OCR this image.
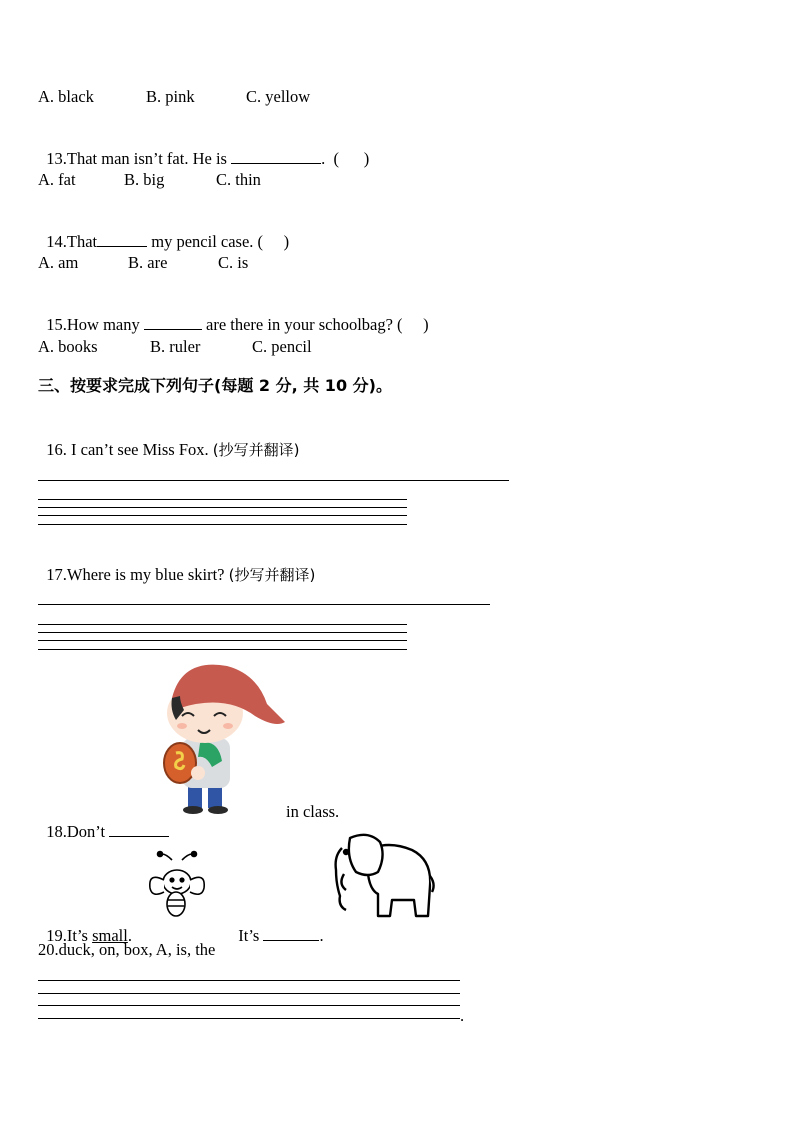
A. black	B. pink	C. yellow

13.That man isn’t fat. He is	.  (      )

A. fat	B. big	C. thin

14.That	my pencil case. (     )

A. am	B. are	C. is

15.How many	are there in your schoolbag? (     )

A. books	B. ruler	C. pencil
三、按要求完成下列句子(每题 2 分, 共 10 分)。

16. I can’t see Miss Fox. (抄写并翻译)

17.Where is my blue skirt? (抄写并翻译)

18.Don’t

in class.

19.It’s small.	It’s	.

20.duck, on, box, A, is, the
.
